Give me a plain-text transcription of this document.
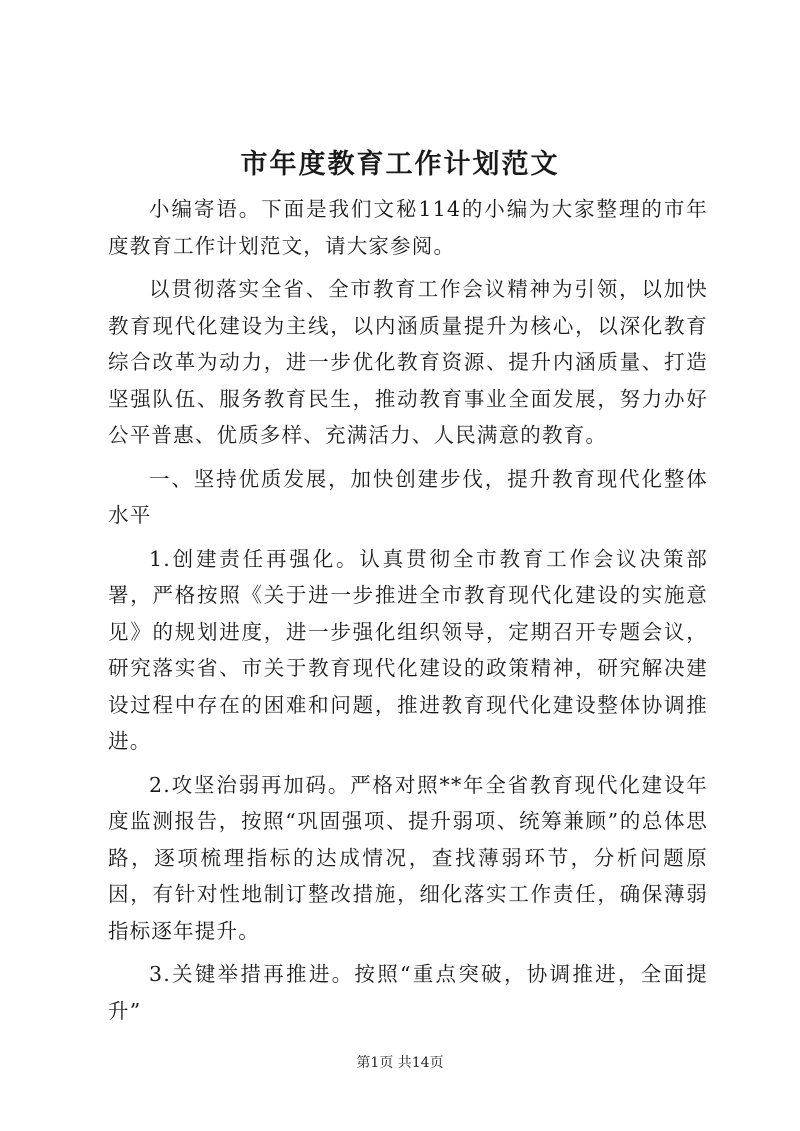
市年度教育工作计划范文

小编寄语。下面是我们文秘114的小编为大家整理的市年度教育工作计划范文，请大家参阅。

以贯彻落实全省、全市教育工作会议精神为引领，以加快教育现代化建设为主线，以内涵质量提升为核心，以深化教育综合改革为动力，进一步优化教育资源、提升内涵质量、打造坚强队伍、服务教育民生，推动教育事业全面发展，努力办好公平普惠、优质多样、充满活力、人民满意的教育。

一、坚持优质发展，加快创建步伐，提升教育现代化整体水平

1.创建责任再强化。认真贯彻全市教育工作会议决策部署，严格按照《关于进一步推进全市教育现代化建设的实施意见》的规划进度，进一步强化组织领导，定期召开专题会议，研究落实省、市关于教育现代化建设的政策精神，研究解决建设过程中存在的困难和问题，推进教育现代化建设整体协调推进。

2.攻坚治弱再加码。严格对照**年全省教育现代化建设年度监测报告，按照“巩固强项、提升弱项、统筹兼顾”的总体思路，逐项梳理指标的达成情况，查找薄弱环节，分析问题原因，有针对性地制订整改措施，细化落实工作责任，确保薄弱指标逐年提升。

3.关键举措再推进。按照“重点突破，协调推进，全面提升”

第1页 共14页
